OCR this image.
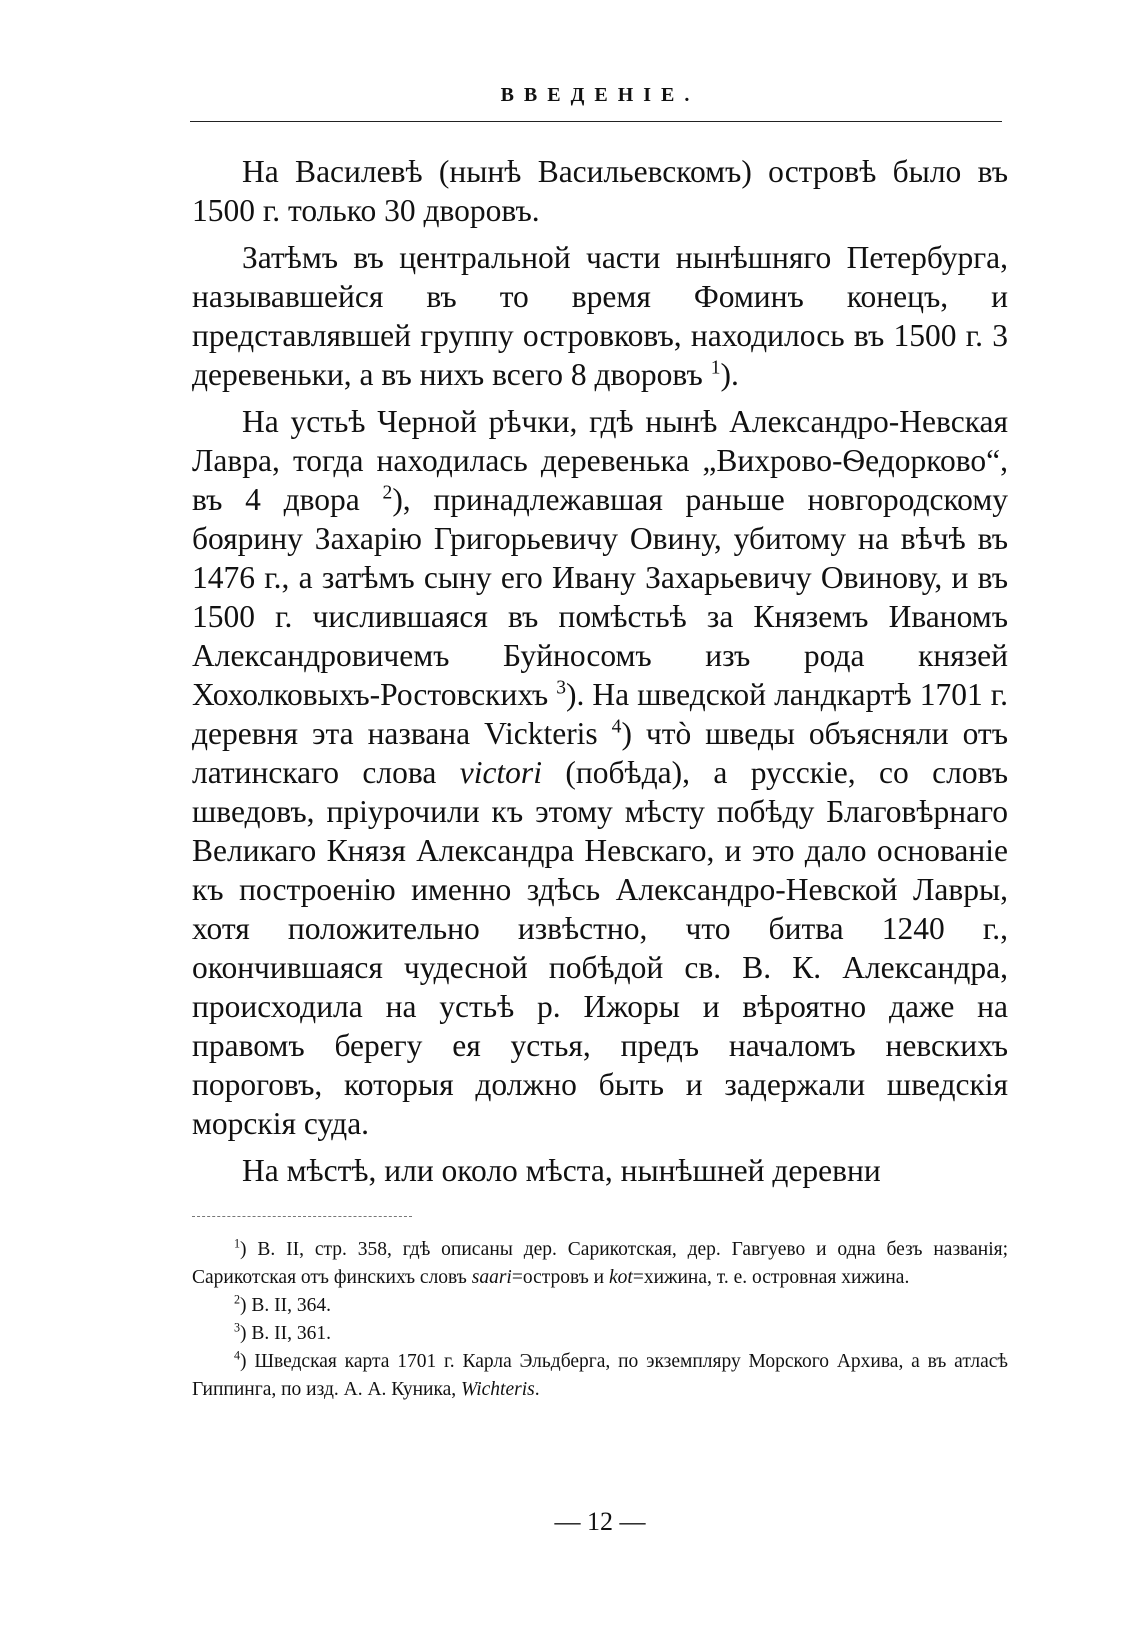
ВВЕДЕНІЕ.

На Василевѣ (нынѣ Васильевскомъ) островѣ было въ 1500 г. только 30 дворовъ.

Затѣмъ въ центральной части нынѣшняго Петербурга, называвшейся въ то время Фоминъ конецъ, и представлявшей группу островковъ, находилось въ 1500 г. 3 деревеньки, а въ нихъ всего 8 дворовъ $^1$).

На устьѣ Черной рѣчки, гдѣ нынѣ Александро-Невская Лавра, тогда находилась деревенька „Вихрово-Ѳедорково“, въ 4 двора $^2$), принадлежавшая раньше новгородскому боярину Захарію Григорьевичу Овину, убитому на вѣчѣ въ 1476 г., а затѣмъ сыну его Ивану Захарьевичу Овинову, и въ 1500 г. числившаяся въ помѣстьѣ за Княземъ Иваномъ Александровичемъ Буйносомъ изъ рода князей Хохолковыхъ-Ростовскихъ $^3$). На шведской ландкартѣ 1701 г. деревня эта названа Vickteris $^4$) чтò шведы объясняли отъ латинскаго слова victori (побѣда), а русскіе, со словъ шведовъ, пріурочили къ этому мѣсту побѣду Благовѣрнаго Великаго Князя Александра Невскаго, и это дало основаніе къ построенію именно здѣсь Александро-Невской Лавры, хотя положительно извѣстно, что битва 1240 г., окончившаяся чудесной побѣдой св. В. К. Александра, происходила на устьѣ р. Ижоры и вѣроятно даже на правомъ берегу ея устья, предъ началомъ невскихъ пороговъ, которыя должно быть и задержали шведскія морскія суда.

На мѣстѣ, или около мѣста, нынѣшней деревни

$^1$) В. II, стр. 358, гдѣ описаны дер. Сарикотская, дер. Гавгуево и одна безъ названія; Сарикотская отъ финскихъ словъ saari=островъ и kot=хижина, т. е. островная хижина.

$^2$) В. II, 364.

$^3$) В. II, 361.

$^4$) Шведская карта 1701 г. Карла Эльдберга, по экземпляру Морского Архива, а въ атласѣ Гиппинга, по изд. А. А. Куника, Wichteris.

— 12 —
